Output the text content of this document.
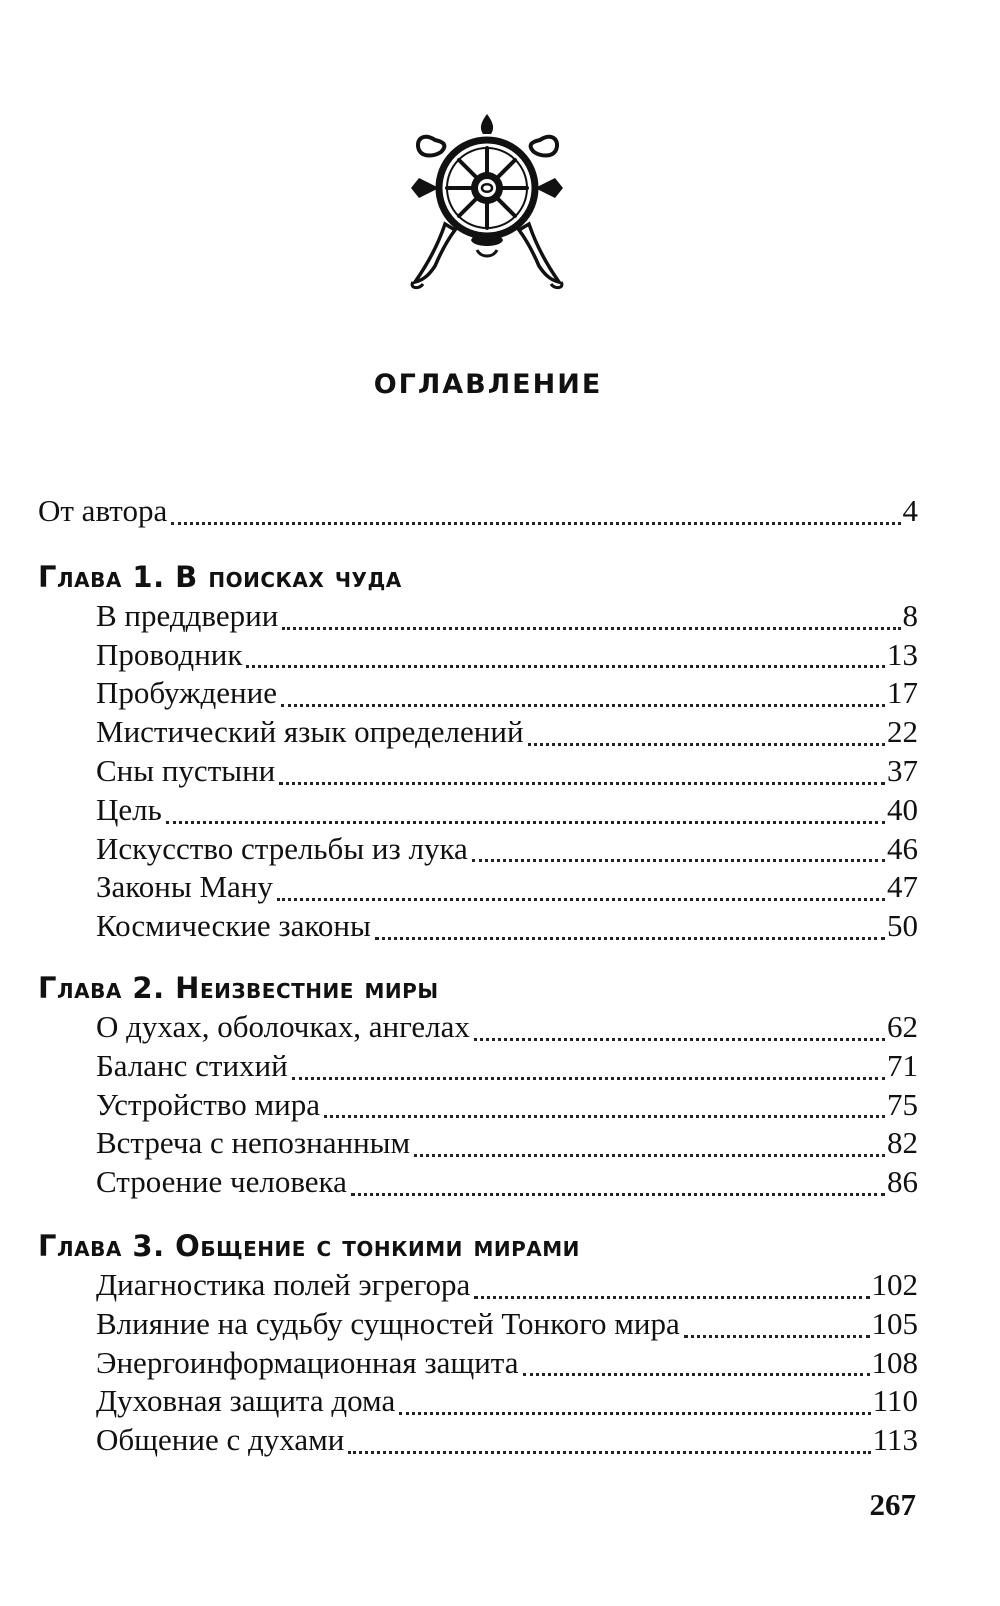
оглавление
От автора	4
Глава 1. В поисках чуда
В преддверии	8
Проводник	13
Пробуждение	17
Мистический язык определений	22
Сны пустыни	37
Цель	40
Искусство стрельбы из лука	46
Законы Ману	47
Космические законы	50
Глава 2. Неизвестние миры
О духах, оболочках, ангелах	62
Баланс стихий	71
Устройство мира	75
Встреча с непознанным	82
Строение человека	86
Глава 3. Общение с тонкими мирами
Диагностика полей эгрегора	102
Влияние на судьбу сущностей Тонкого мира	105
Энергоинформационная защита	108
Духовная защита дома	110
Общение с духами	113
267
